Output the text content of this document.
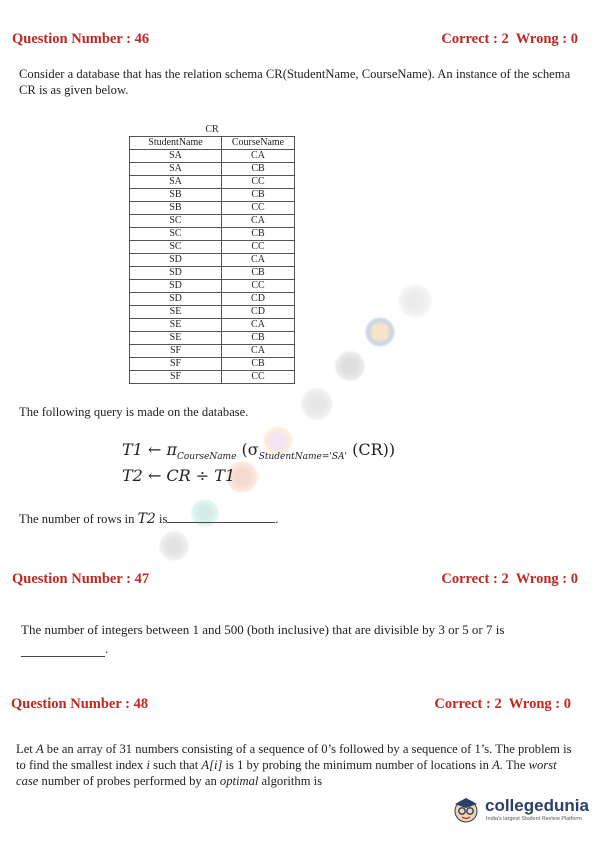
Question Number : 46	Correct : 2  Wrong : 0
Consider a database that has the relation schema CR(StudentName, CourseName). An instance of the schema CR is as given below.
CR	
StudentName	CourseName
SA	CA
SA	CB
SA	CC
SB	CB
SB	CC
SC	CA
SC	CB
SC	CC
SD	CA
SD	CB
SD	CC
SD	CD
SE	CD
SE	CA
SE	CB
SF	CA
SF	CB
SF	CC
The following query is made on the database.
T1 ← $\pi_{CourseName}$ ($\sigma_{StudentName='SA'}$ (CR))
T2 ← CR ÷ T1
The number of rows in T2 is	.
Question Number : 47	Correct : 2  Wrong : 0
The number of integers between 1 and 500 (both inclusive) that are divisible by 3 or 5 or 7 is
.
Question Number : 48	Correct : 2  Wrong : 0
Let A be an array of 31 numbers consisting of a sequence of 0’s followed by a sequence of 1’s. The problem is to find the smallest index i such that A[i] is 1 by probing the minimum number of locations in A. The worst case number of probes performed by an optimal algorithm is
collegedunia
India's largest Student Review Platform
